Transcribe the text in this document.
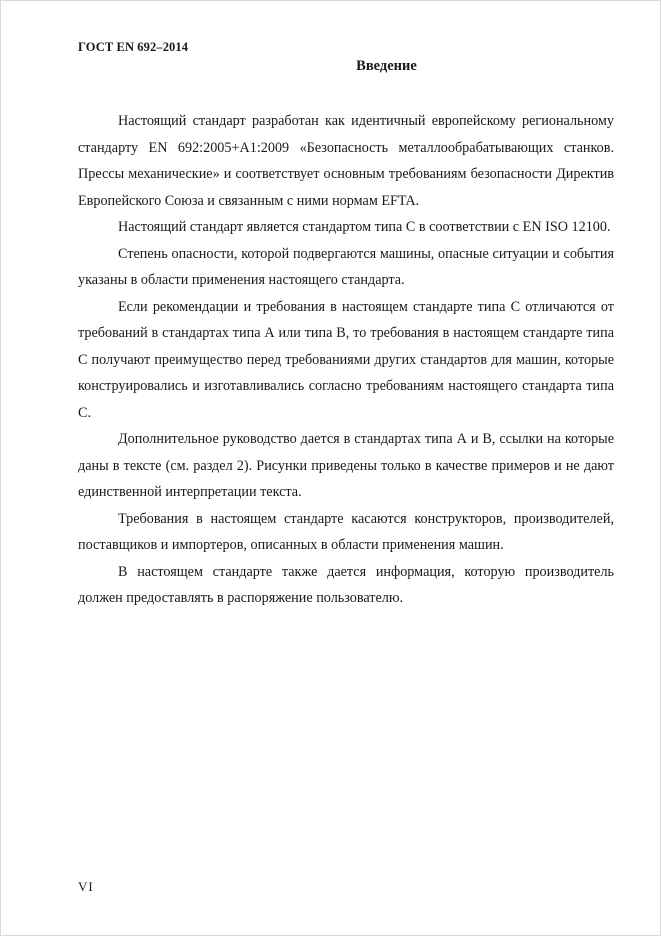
ГОСТ EN 692–2014
Введение

Настоящий стандарт разработан как идентичный европейскому региональному стандарту EN 692:2005+A1:2009 «Безопасность металлообрабатывающих станков. Прессы механические» и соответствует основным требованиям безопасности Директив Европейского Союза и связанным с ними нормам EFTA.

Настоящий стандарт является стандартом типа С в соответствии с EN ISO 12100.

Степень опасности, которой подвергаются машины, опасные ситуации и события указаны в области применения настоящего стандарта.

Если рекомендации и требования в настоящем стандарте типа С отличаются от требований в стандартах типа А или типа В, то требования в настоящем стандарте типа С получают преимущество перед требованиями других стандартов для машин, которые конструировались и изготавливались согласно требованиям настоящего стандарта типа С.

Дополнительное руководство дается в стандартах типа А и В, ссылки на которые даны в тексте (см. раздел 2). Рисунки приведены только в качестве примеров и не дают единственной интерпретации текста.

Требования в настоящем стандарте касаются конструкторов, производителей, поставщиков и импортеров, описанных в области применения машин.

В настоящем стандарте также дается информация, которую производитель должен предоставлять в распоряжение пользователю.

VI
